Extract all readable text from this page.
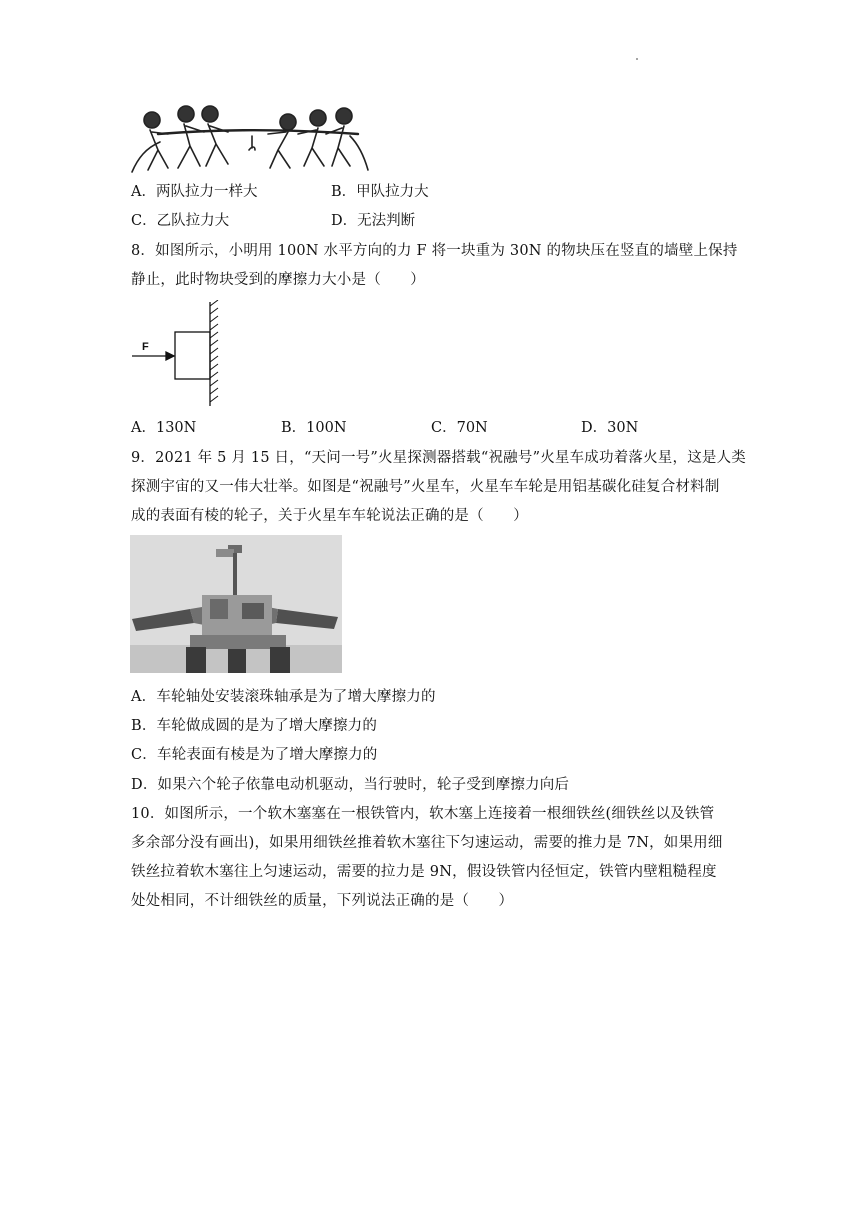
A．两队拉力一样大	B．甲队拉力大
C．乙队拉力大	D．无法判断
8．如图所示，小明用 100N 水平方向的力 F 将一块重为 30N 的物块压在竖直的墙壁上保持
静止，此时物块受到的摩擦力大小是（　　）
F
A．130N	B．100N	C．70N	D．30N
9．2021 年 5 月 15 日，“天问一号”火星探测器搭载“祝融号”火星车成功着落火星，这是人类
探测宇宙的又一伟大壮举。如图是“祝融号”火星车，火星车车轮是用铝基碳化硅复合材料制
成的表面有棱的轮子，关于火星车车轮说法正确的是（　　）
A．车轮轴处安装滚珠轴承是为了增大摩擦力的
B．车轮做成圆的是为了增大摩擦力的
C．车轮表面有棱是为了增大摩擦力的
D．如果六个轮子依靠电动机驱动，当行驶时，轮子受到摩擦力向后
10．如图所示，一个软木塞塞在一根铁管内，软木塞上连接着一根细铁丝(细铁丝以及铁管
多余部分没有画出)，如果用细铁丝推着软木塞往下匀速运动，需要的推力是 7N，如果用细
铁丝拉着软木塞往上匀速运动，需要的拉力是 9N，假设铁管内径恒定，铁管内壁粗糙程度
处处相同，不计细铁丝的质量，下列说法正确的是（　　）
